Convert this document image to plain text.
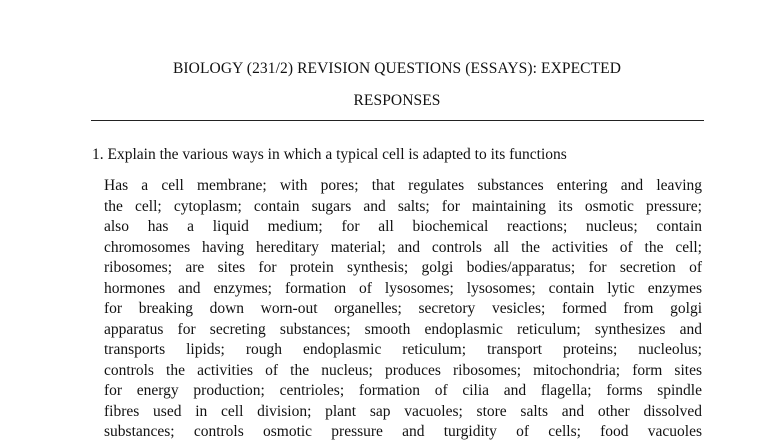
BIOLOGY (231/2) REVISION QUESTIONS (ESSAYS): EXPECTED
RESPONSES
1. Explain the various ways in which a typical cell is adapted to its functions
Has a cell membrane; with pores; that regulates substances entering and leaving
the cell; cytoplasm; contain sugars and salts; for maintaining its osmotic pressure;
also has a liquid medium; for all biochemical reactions; nucleus; contain
chromosomes having hereditary material; and controls all the activities of the cell;
ribosomes; are sites for protein synthesis; golgi bodies/apparatus; for secretion of
hormones and enzymes; formation of lysosomes; lysosomes; contain lytic enzymes
for breaking down worn-out organelles; secretory vesicles; formed from golgi
apparatus for secreting substances; smooth endoplasmic reticulum; synthesizes and
transports lipids; rough endoplasmic reticulum; transport proteins; nucleolus;
controls the activities of the nucleus; produces ribosomes; mitochondria; form sites
for energy production; centrioles; formation of cilia and flagella; forms spindle
fibres used in cell division; plant sap vacuoles; store salts and other dissolved
substances; controls osmotic pressure and turgidity of cells; food vacuoles
